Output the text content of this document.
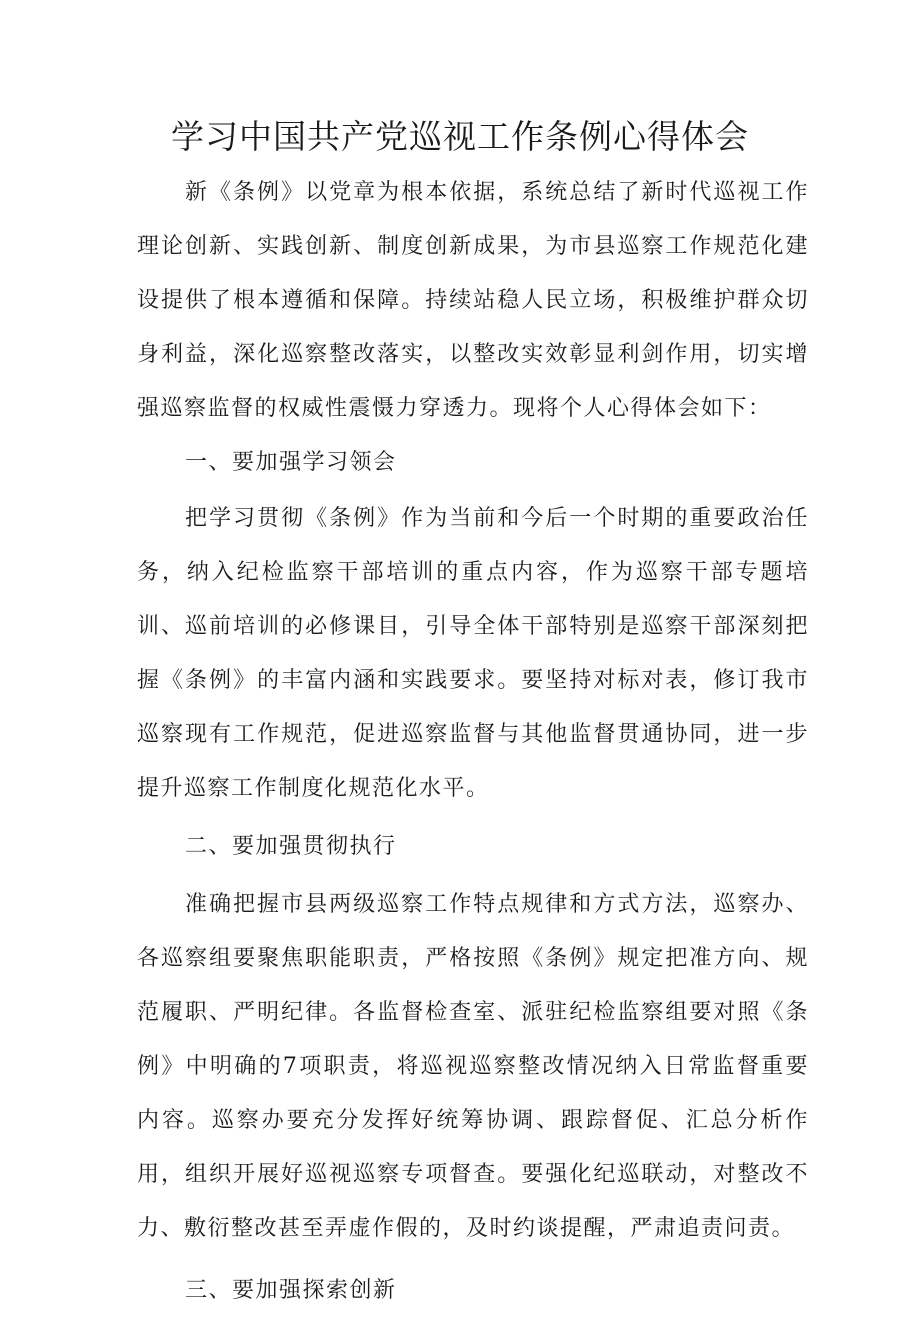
学习中国共产党巡视工作条例心得体会

新《条例》以党章为根本依据，系统总结了新时代巡视工作理论创新、实践创新、制度创新成果，为市县巡察工作规范化建设提供了根本遵循和保障。持续站稳人民立场，积极维护群众切身利益，深化巡察整改落实，以整改实效彰显利剑作用，切实增强巡察监督的权威性震慑力穿透力。现将个人心得体会如下：

一、要加强学习领会

把学习贯彻《条例》作为当前和今后一个时期的重要政治任务，纳入纪检监察干部培训的重点内容，作为巡察干部专题培训、巡前培训的必修课目，引导全体干部特别是巡察干部深刻把握《条例》的丰富内涵和实践要求。要坚持对标对表，修订我市巡察现有工作规范，促进巡察监督与其他监督贯通协同，进一步提升巡察工作制度化规范化水平。

二、要加强贯彻执行

准确把握市县两级巡察工作特点规律和方式方法，巡察办、各巡察组要聚焦职能职责，严格按照《条例》规定把准方向、规范履职、严明纪律。各监督检查室、派驻纪检监察组要对照《条例》中明确的7项职责，将巡视巡察整改情况纳入日常监督重要内容。巡察办要充分发挥好统筹协调、跟踪督促、汇总分析作用，组织开展好巡视巡察专项督查。要强化纪巡联动，对整改不力、敷衍整改甚至弄虚作假的，及时约谈提醒，严肃追责问责。

三、要加强探索创新
